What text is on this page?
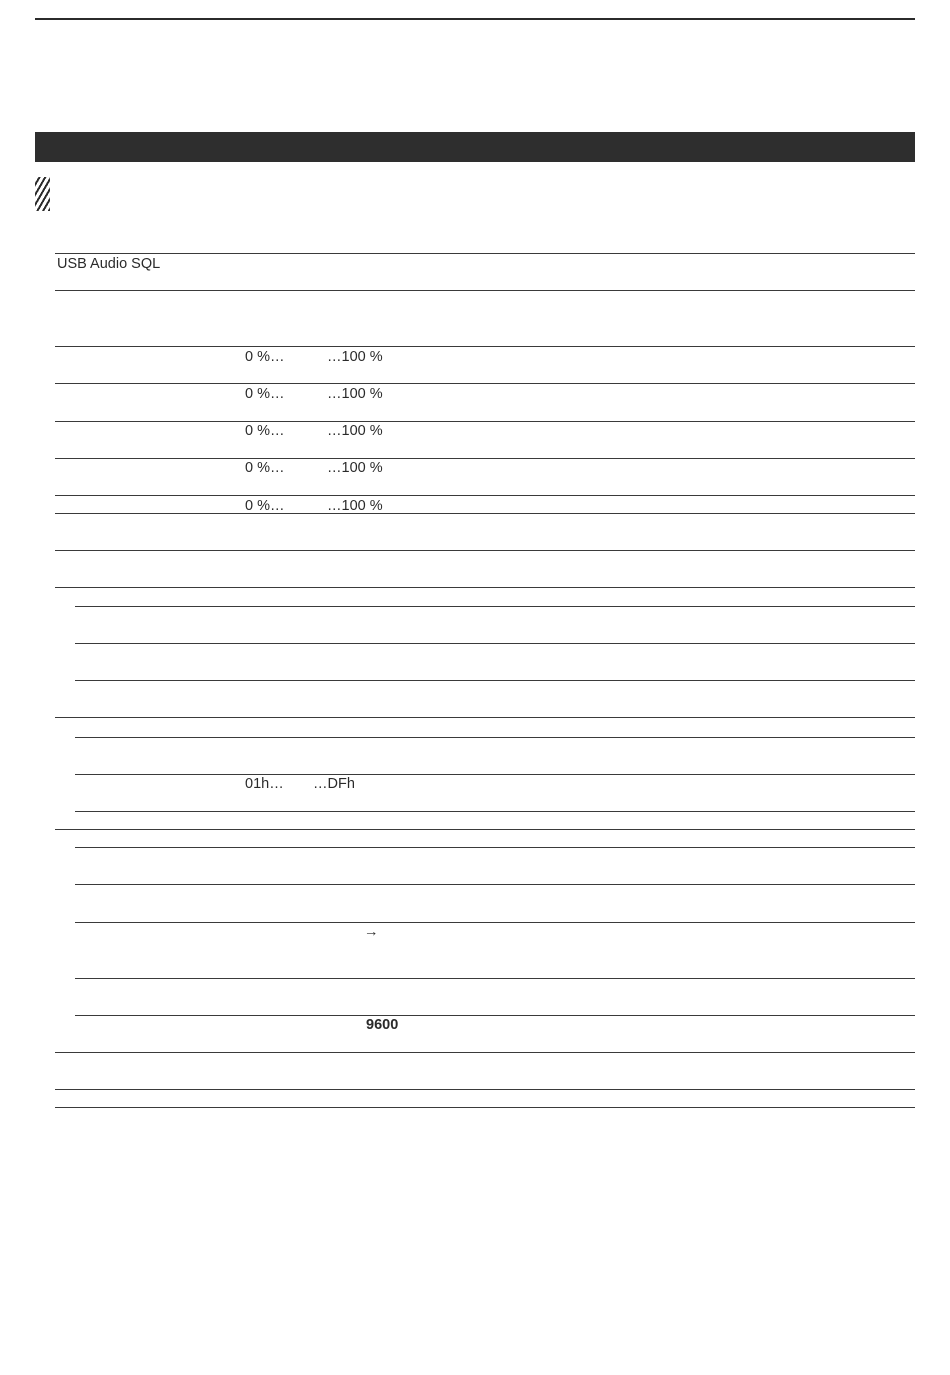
USB Audio SQL
0 %…	…100 %
0 %…	…100 %
0 %…	…100 %
0 %…	…100 %
0 %…	…100 %
01h… …DFh
→
9600
